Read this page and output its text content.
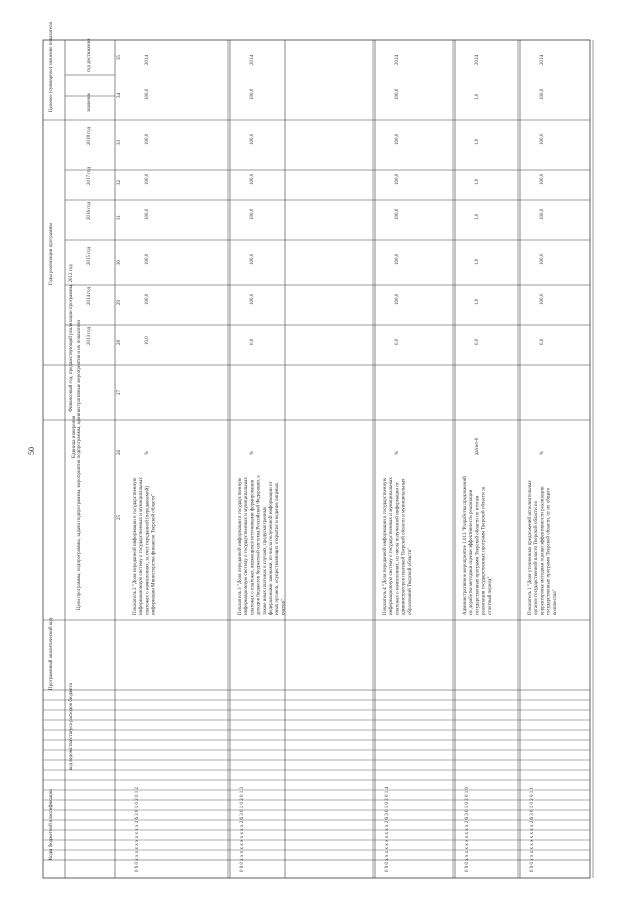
50
Коды бюджетной классификации
код ведомства/статуса расходов бюджета
Программный аналитический код
Цели программы, подпрограммы, задачи подпрограммы, мероприятия подпрограммы, административные мероприятия и их показатели
Единица измерения
Финансовый год, предшествующий реализации программы, 2012 год
Годы реализации программы
Целевое (суммарное) значение показателя	значение
год достижения
2013 год
2014 год
2015 год
2016 год
2017 год
2018 год
25
26
27
28
29
30
31
32
33
34
35
0 9 0 х х х х х х х х х х 2 6 3 0 1 0 2 0 1 2
Показатель 2 "Доля переданной информации в государственную информационную систему о государственных и муниципальных платежах о начислениях, за счет переданной (передаваемой) информации Министерства финансов Тверской области"
%
10,0
100,0
100,0
100,0
100,0
100,0
100,0
2014
0 9 0 х х х х х х х х х х 2 6 3 0 1 0 2 0 1 3
Показатель 3 "Доля переданной информации в государственную информационную систему о государственных и муниципальных платежах о платежах, являющихся источниками формирования доходов бюджетов бюджетной системы Российской Федерации, а также иных платежах в случаях, предусмотренных федеральными законами, из числа полученной информации от иных органов, осуществляющих открытие и ведение лицевых счетов"
%
0,0
100,0
100,0
100,0
100,0
100,0
100,0
2014
0 9 0 х х х х х х х х х х 2 6 3 0 1 0 2 0 1 4
Показатель 4 "Доля переданной информации в государственную информационную систему о государственных и муниципальных платежах о начислениях, из числа полученной информации от администраторов платежей Тверской области и муниципальных образований Тверской области"
%
0,0
100,0
100,0
100,0
100,0
100,0
100,0
2014
0 9 0 х х х х х х х х х х 2 6 3 0 1 0 2 0 1 0
Административное мероприятие 1.013 "Разработка предложений по доработке методики оценки эффективности реализации государственных программ Тверской области по итогам реализации государственных программ Тверской области за отчетный период"
да/нет-0
0,0
1,0
1,0
1,0
1,0
1,0
1,0
2014
0 9 0 х х х х х х х х х х 2 6 3 0 1 0 2 0 1 1
Показатель 1 "Доля уточненных предложений исполнительных органов государственной власти Тверской области по корректировке методики оценки эффективности реализации государственных программ Тверской области, от их общего количества"
%
0,0
100,0
100,0
100,0
100,0
100,0
100,0
2014
